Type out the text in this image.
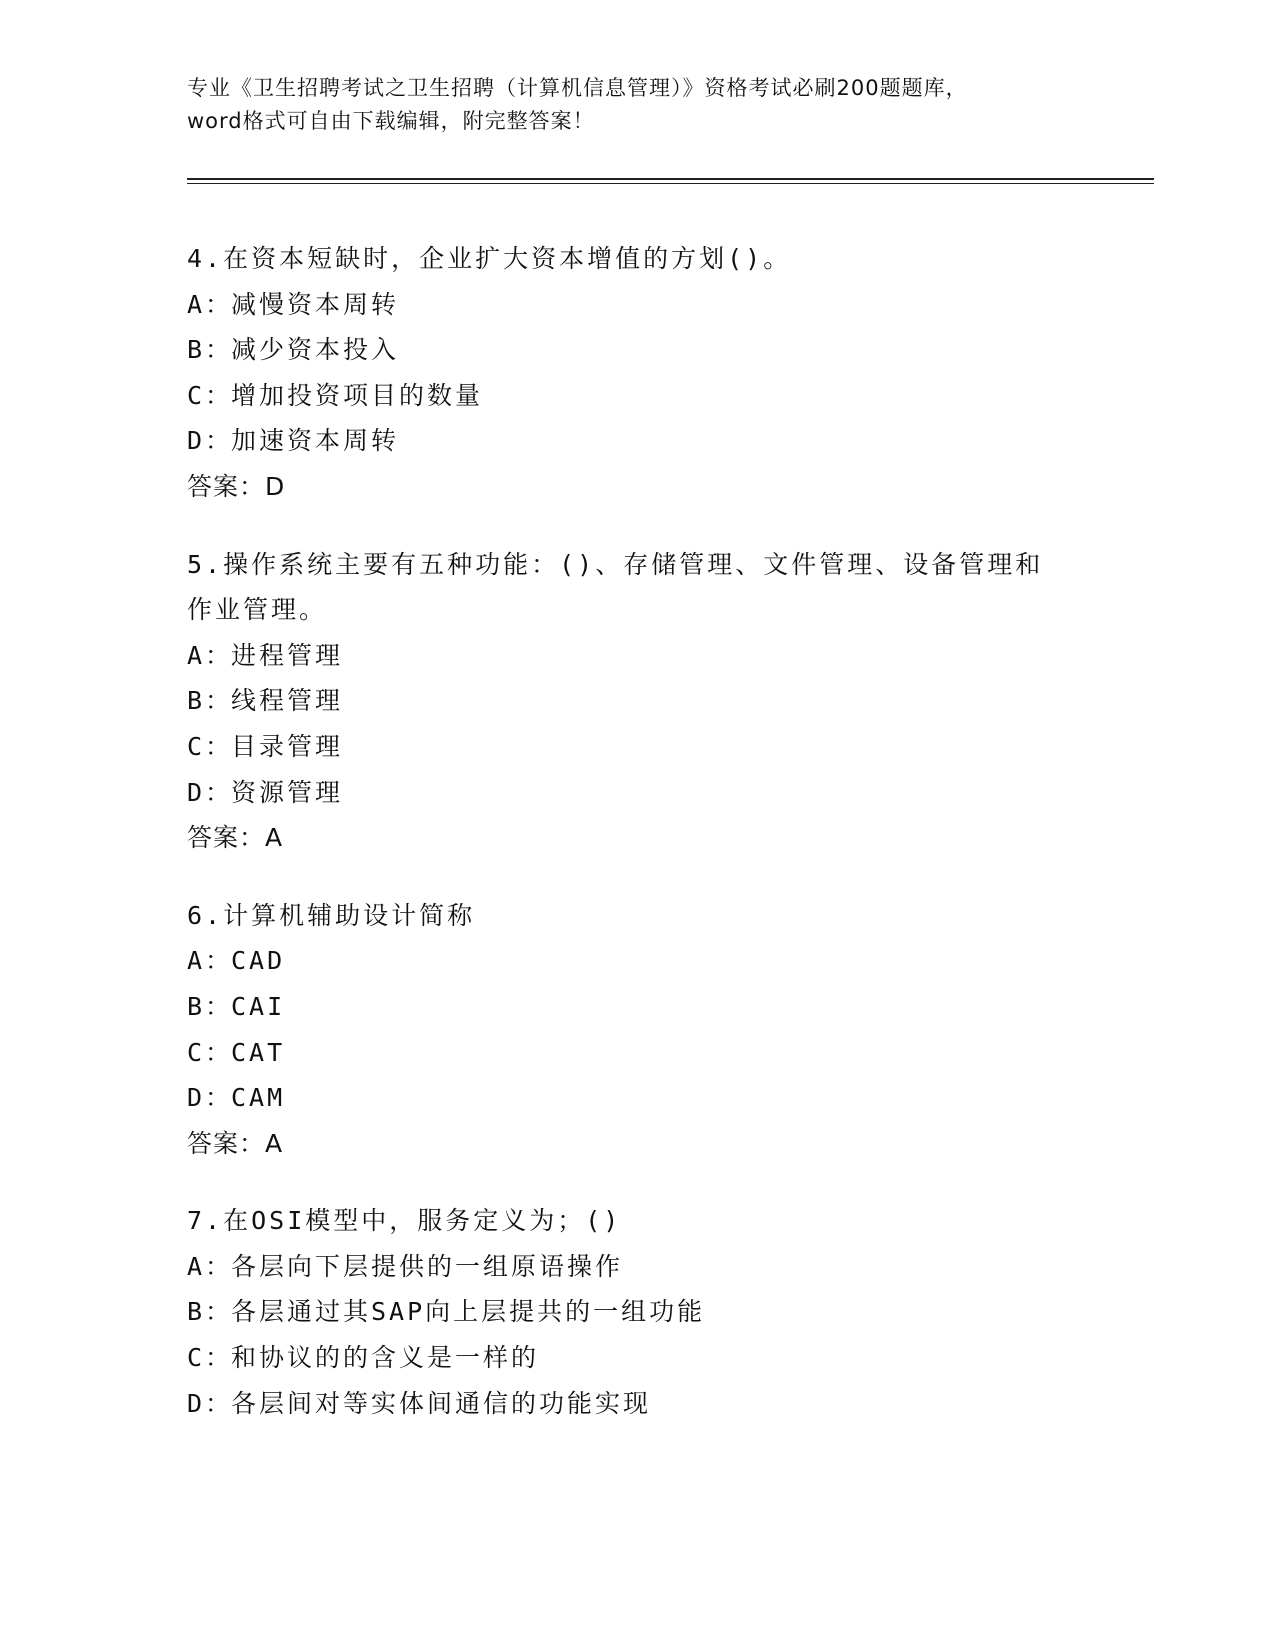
专业《卫生招聘考试之卫生招聘（计算机信息管理）》资格考试必刷200题题库，
word格式可自由下载编辑，附完整答案！
4.在资本短缺时，企业扩大资本增值的方划()。
A：减慢资本周转
B：减少资本投入
C：增加投资项目的数量
D：加速资本周转
答案：D
5.操作系统主要有五种功能：()、存储管理、文件管理、设备管理和
作业管理。
A：进程管理
B：线程管理
C：目录管理
D：资源管理
答案：A
6.计算机辅助设计简称
A：CAD
B：CAI
C：CAT
D：CAM
答案：A
7.在OSI模型中，服务定义为；()
A：各层向下层提供的一组原语操作
B：各层通过其SAP向上层提共的一组功能
C：和协议的的含义是一样的
D：各层间对等实体间通信的功能实现
